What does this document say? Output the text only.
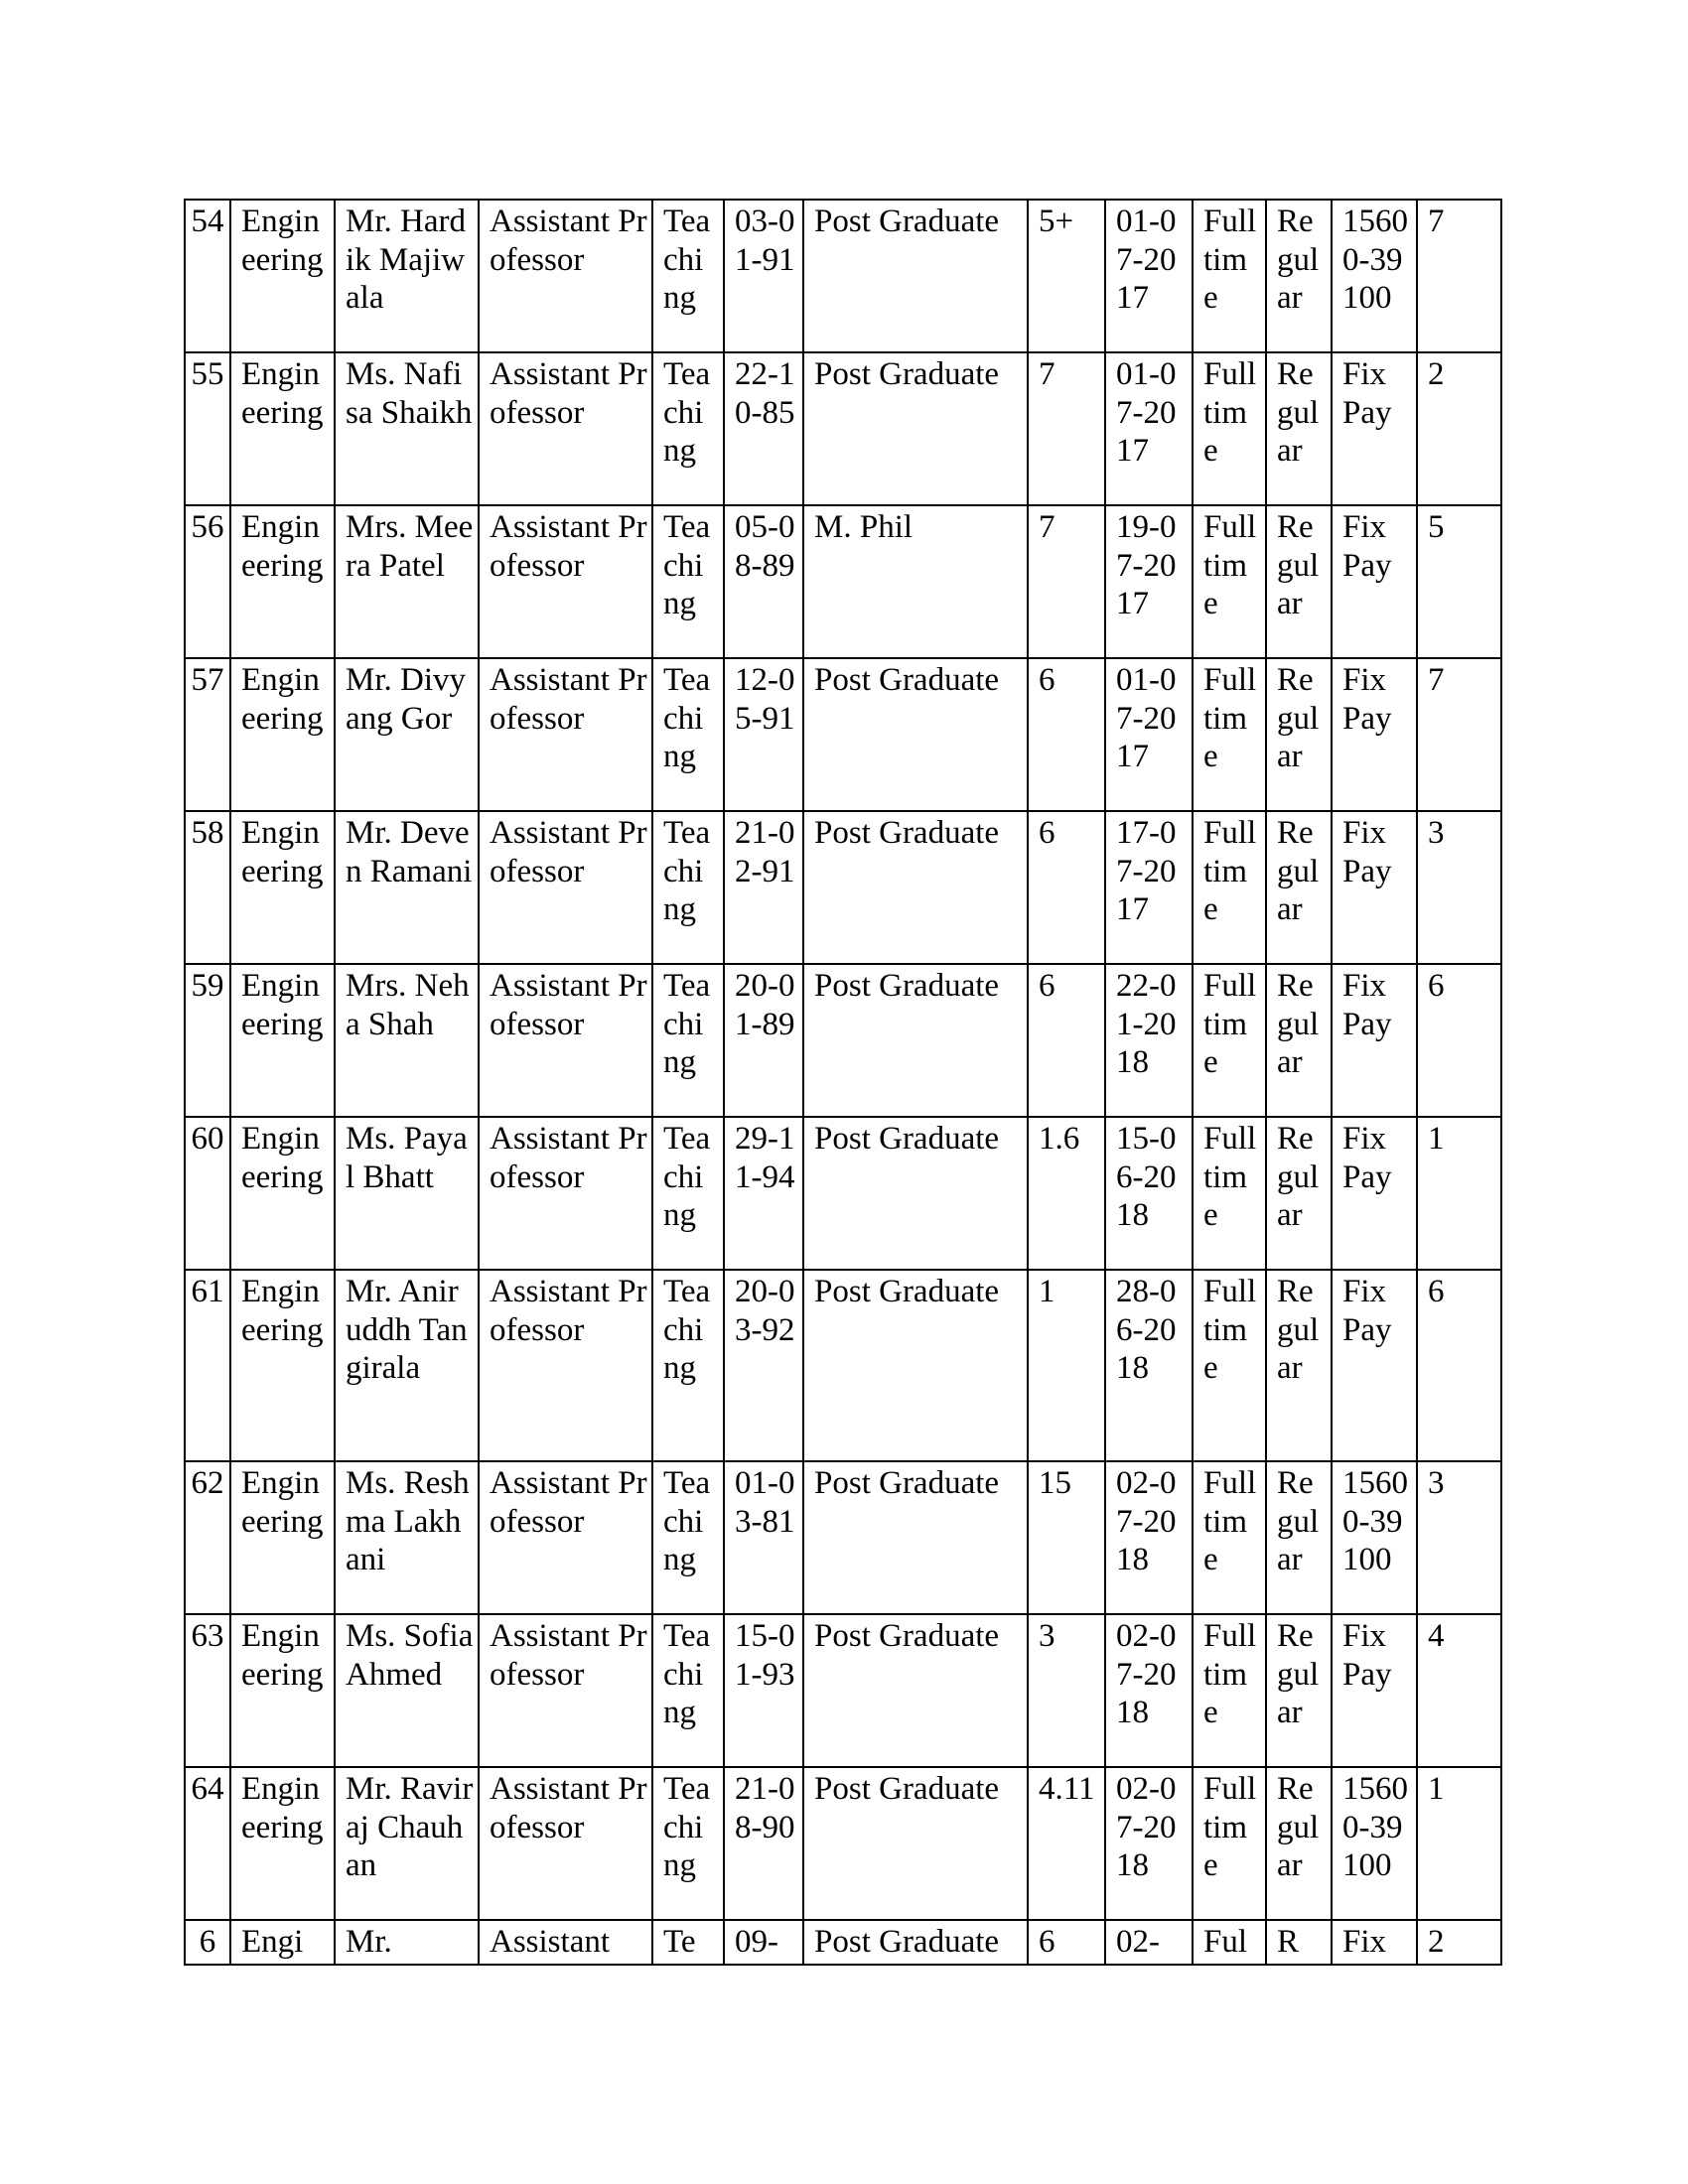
54	Engineering	Mr. Hardik Majiwala	Assistant Professor	Teaching	03-01-91	Post Graduate	5+	01-07-2017	Full time	Regular	15600-39100	7
55	Engineering	Ms. Nafisa Shaikh	Assistant Professor	Teaching	22-10-85	Post Graduate	7	01-07-2017	Full time	Regular	Fix Pay	2
56	Engineering	Mrs. Meera Patel	Assistant Professor	Teaching	05-08-89	M. Phil	7	19-07-2017	Full time	Regular	Fix Pay	5
57	Engineering	Mr. Divyang Gor	Assistant Professor	Teaching	12-05-91	Post Graduate	6	01-07-2017	Full time	Regular	Fix Pay	7
58	Engineering	Mr. Deven Ramani	Assistant Professor	Teaching	21-02-91	Post Graduate	6	17-07-2017	Full time	Regular	Fix Pay	3
59	Engineering	Mrs. Neha Shah	Assistant Professor	Teaching	20-01-89	Post Graduate	6	22-01-2018	Full time	Regular	Fix Pay	6
60	Engineering	Ms. Payal Bhatt	Assistant Professor	Teaching	29-11-94	Post Graduate	1.6	15-06-2018	Full time	Regular	Fix Pay	1
61	Engineering	Mr. Aniruddh Tangirala	Assistant Professor	Teaching	20-03-92	Post Graduate	1	28-06-2018	Full time	Regular	Fix Pay	6
62	Engineering	Ms. Reshma Lakhani	Assistant Professor	Teaching	01-03-81	Post Graduate	15	02-07-2018	Full time	Regular	15600-39100	3
63	Engineering	Ms. Sofia Ahmed	Assistant Professor	Teaching	15-01-93	Post Graduate	3	02-07-2018	Full time	Regular	Fix Pay	4
64	Engineering	Mr. Raviraj Chauhan	Assistant Professor	Teaching	21-08-90	Post Graduate	4.11	02-07-2018	Full time	Regular	15600-39100	1
6	Engi	Mr.	Assistant	Te	09-	Post Graduate	6	02-	Ful	R	Fix	2
